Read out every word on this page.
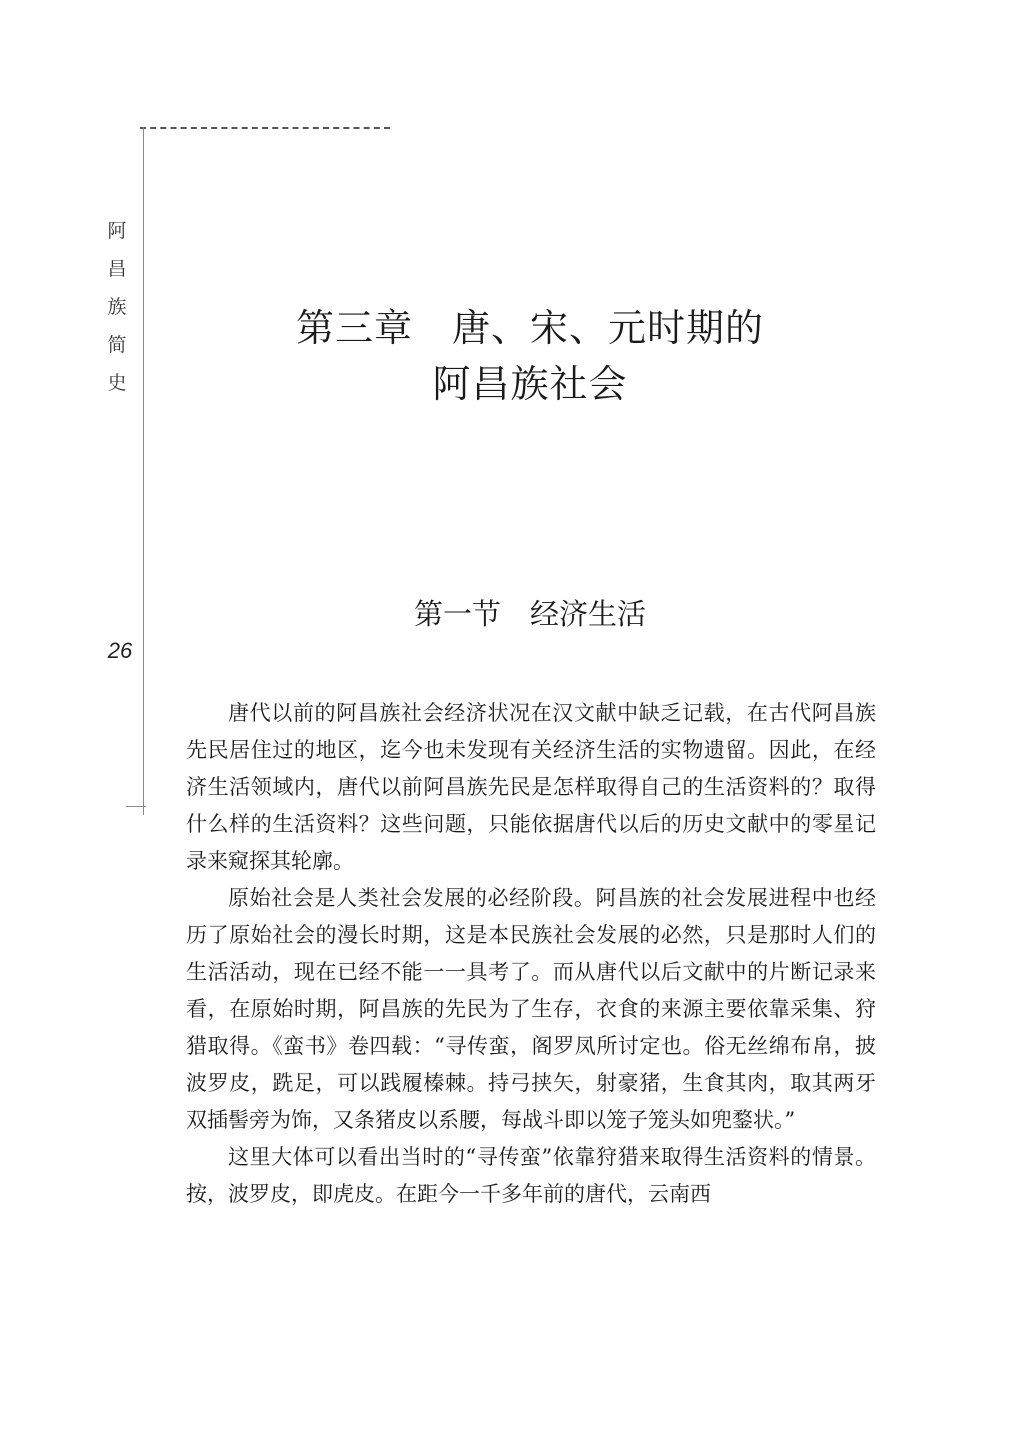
阿
昌
族
简
史
26
第三章　唐、宋、元时期的
阿昌族社会
第一节　经济生活

唐代以前的阿昌族社会经济状况在汉文献中缺乏记载，在古代阿昌族先民居住过的地区，迄今也未发现有关经济生活的实物遗留。因此，在经济生活领域内，唐代以前阿昌族先民是怎样取得自己的生活资料的？取得什么样的生活资料？这些问题，只能依据唐代以后的历史文献中的零星记录来窥探其轮廓。

原始社会是人类社会发展的必经阶段。阿昌族的社会发展进程中也经历了原始社会的漫长时期，这是本民族社会发展的必然，只是那时人们的生活活动，现在已经不能一一具考了。而从唐代以后文献中的片断记录来看，在原始时期，阿昌族的先民为了生存，衣食的来源主要依靠采集、狩猎取得。《蛮书》卷四载：“寻传蛮，阁罗凤所讨定也。俗无丝绵布帛，披波罗皮，跣足，可以践履榛棘。持弓挟矢，射豪猪，生食其肉，取其两牙双插髻旁为饰，又条猪皮以系腰，每战斗即以笼子笼头如兜鍪状。”

这里大体可以看出当时的“寻传蛮”依靠狩猎来取得生活资料的情景。按，波罗皮，即虎皮。在距今一千多年前的唐代，云南西
